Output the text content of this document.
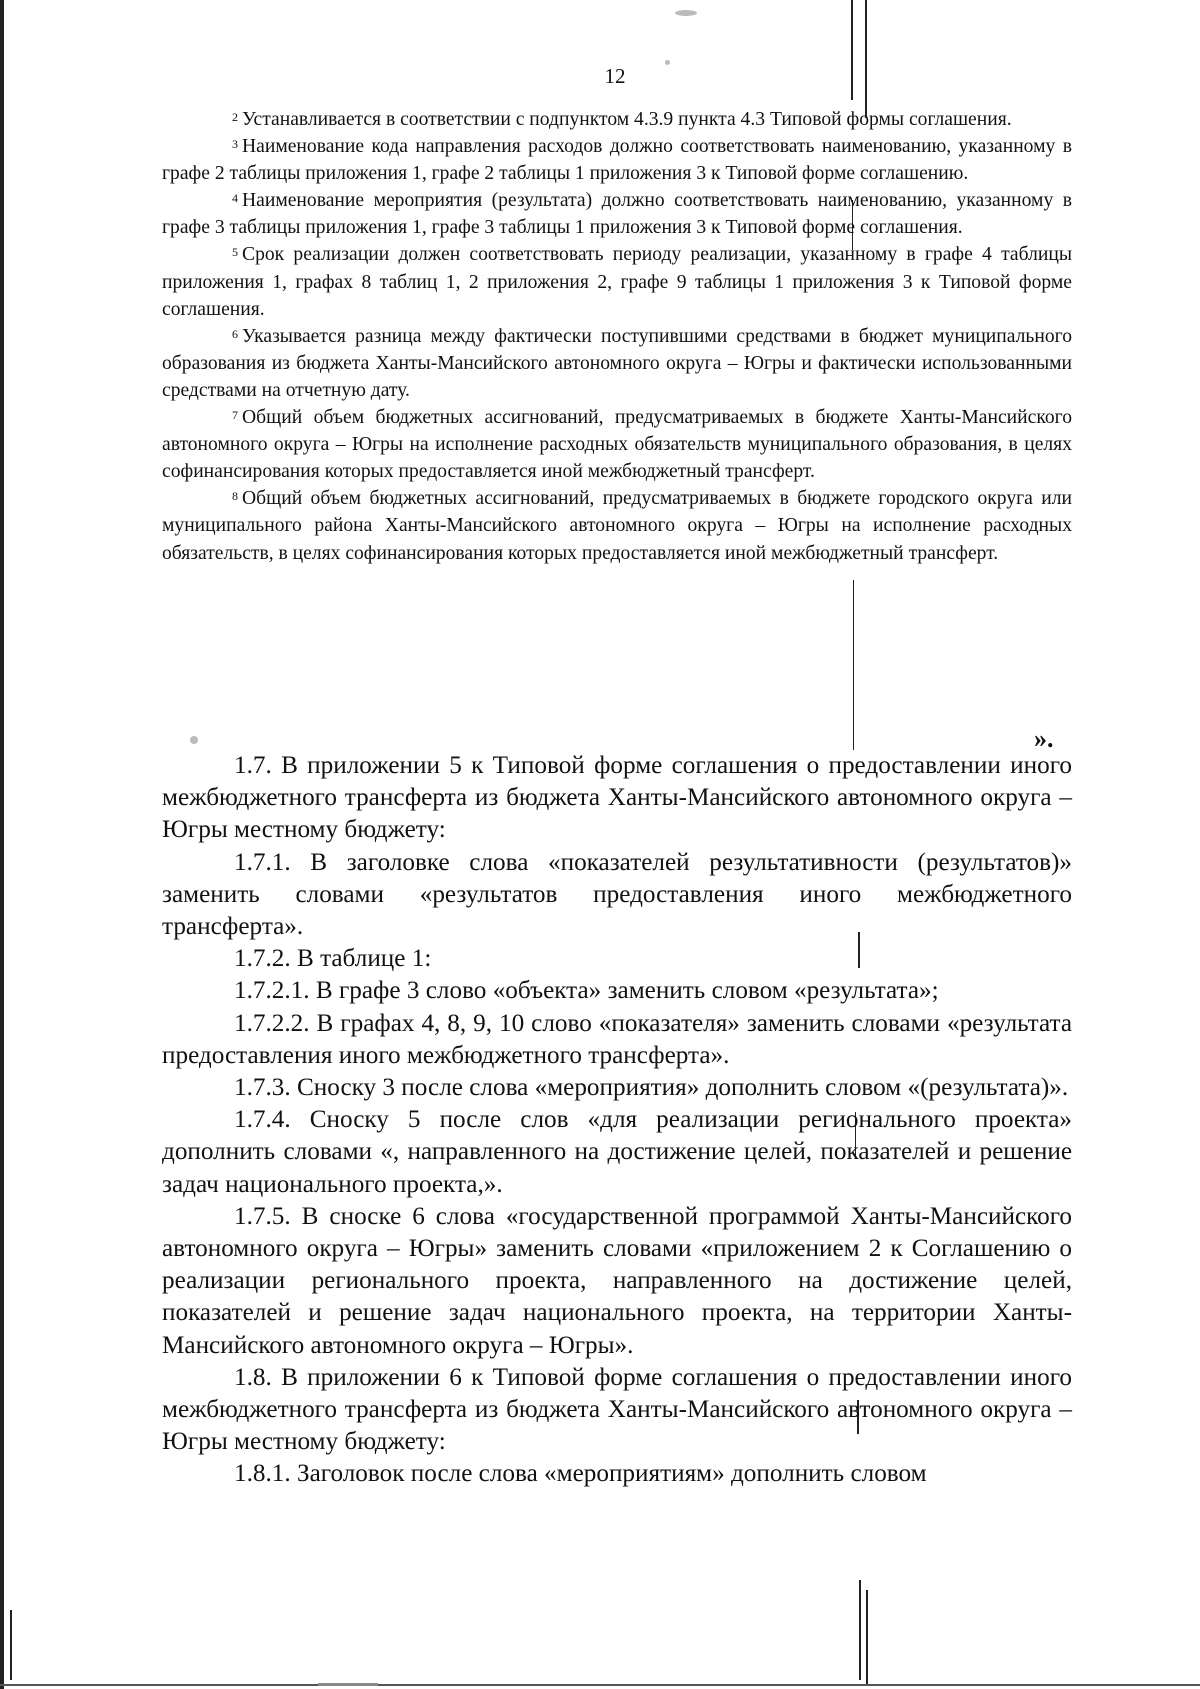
12

$^2$ Устанавливается в соответствии с подпунктом 4.3.9 пункта 4.3 Типовой формы соглашения.

$^3$ Наименование кода направления расходов должно соответствовать наименованию, указанному в графе 2 таблицы приложения 1, графе 2 таблицы 1 приложения 3 к Типовой форме соглашению.

$^4$ Наименование мероприятия (результата) должно соответствовать наименованию, указанному в графе 3 таблицы приложения 1, графе 3 таблицы 1 приложения 3 к Типовой форме соглашения.

$^5$ Срок реализации должен соответствовать периоду реализации, указанному в графе 4 таблицы приложения 1, графах 8 таблиц 1, 2 приложения 2, графе 9 таблицы 1 приложения 3 к Типовой форме соглашения.

$^6$ Указывается разница между фактически поступившими средствами в бюджет муниципального образования из бюджета Ханты-Мансийского автономного округа – Югры и фактически использованными средствами на отчетную дату.

$^7$ Общий объем бюджетных ассигнований, предусматриваемых в бюджете Ханты-Мансийского автономного округа – Югры на исполнение расходных обязательств муниципального образования, в целях софинансирования которых предоставляется иной межбюджетный трансферт.

$^8$ Общий объем бюджетных ассигнований, предусматриваемых в бюджете городского округа или муниципального района Ханты-Мансийского автономного округа – Югры на исполнение расходных обязательств, в целях софинансирования которых предоставляется иной межбюджетный трансферт.

».

1.7. В приложении 5 к Типовой форме соглашения о предоставлении иного межбюджетного трансферта из бюджета Ханты-Мансийского автономного округа – Югры местному бюджету:

1.7.1. В заголовке слова «показателей результативности (результатов)» заменить словами «результатов предоставления иного межбюджетного трансферта».

1.7.2. В таблице 1:

1.7.2.1. В графе 3 слово «объекта» заменить словом «результата»;

1.7.2.2. В графах 4, 8, 9, 10 слово «показателя» заменить словами «результата предоставления иного межбюджетного трансферта».

1.7.3. Сноску 3 после слова «мероприятия» дополнить словом «(результата)».

1.7.4. Сноску 5 после слов «для реализации регионального проекта» дополнить словами «, направленного на достижение целей, показателей и решение задач национального проекта,».

1.7.5. В сноске 6 слова «государственной программой Ханты-Мансийского автономного округа – Югры» заменить словами «приложением 2 к Соглашению о реализации регионального проекта, направленного на достижение целей, показателей и решение задач национального проекта, на территории Ханты-Мансийского автономного округа – Югры».

1.8. В приложении 6 к Типовой форме соглашения о предоставлении иного межбюджетного трансферта из бюджета Ханты-Мансийского автономного округа – Югры местному бюджету:

1.8.1. Заголовок после слова «мероприятиям» дополнить словом
